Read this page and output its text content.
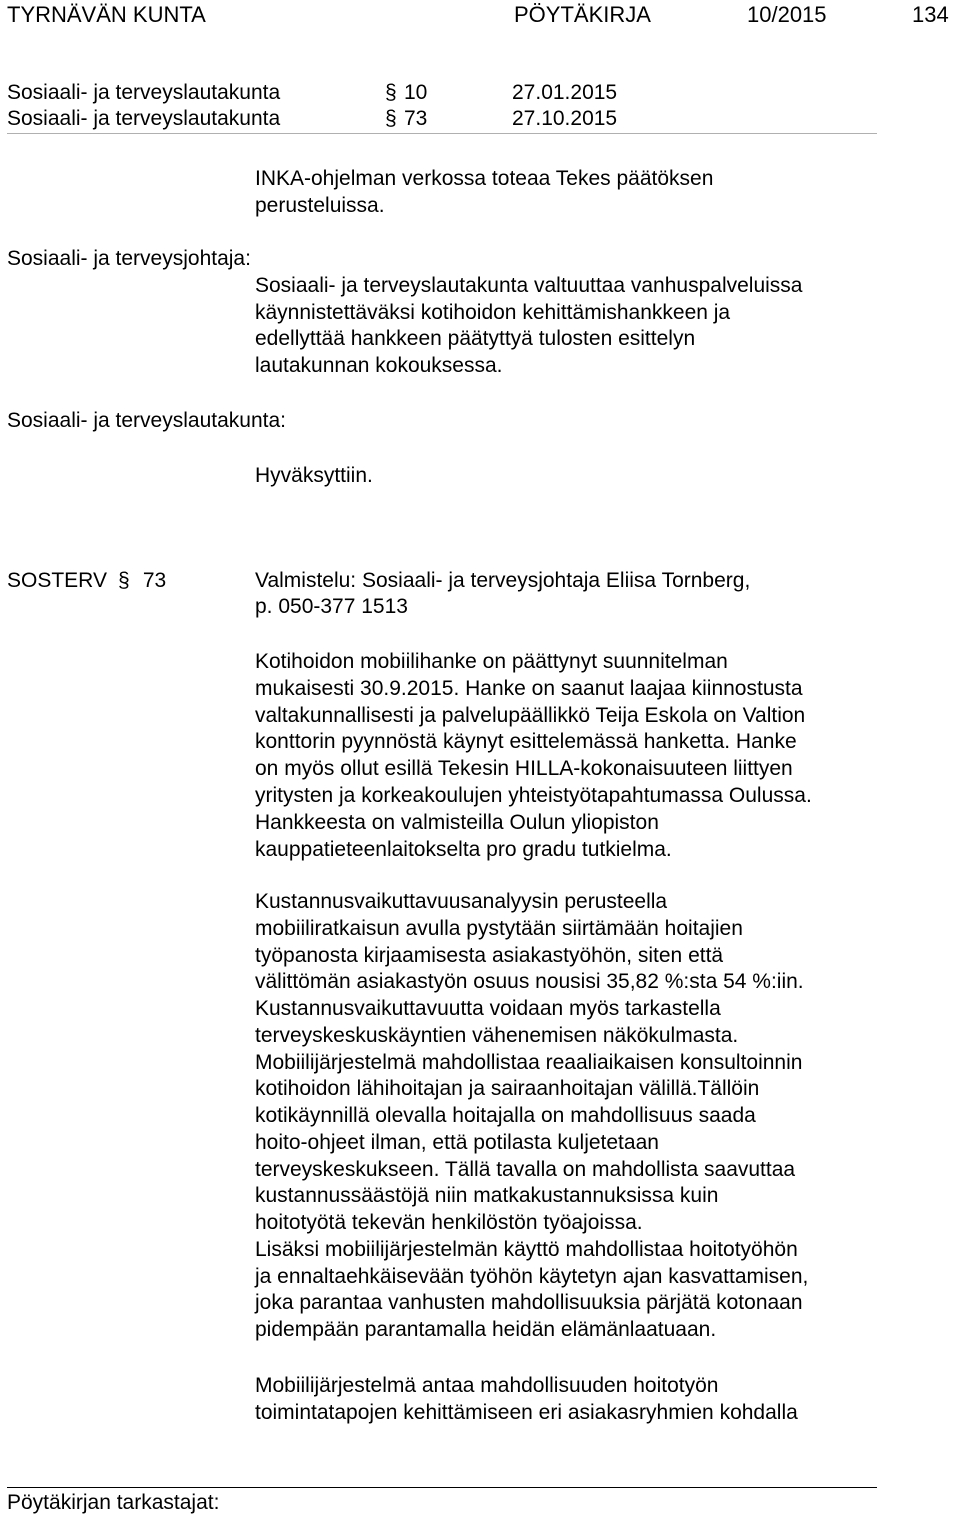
TYRNÄVÄN KUNTA	PÖYTÄKIRJA	10/2015	134
Sosiaali- ja terveyslautakunta	§ 10	27.01.2015
Sosiaali- ja terveyslautakunta	§ 73	27.10.2015
INKA-ohjelman verkossa toteaa Tekes päätöksen
perusteluissa.
Sosiaali- ja terveysjohtaja:
Sosiaali- ja terveyslautakunta valtuuttaa vanhuspalveluissa
käynnistettäväksi kotihoidon kehittämishankkeen ja
edellyttää hankkeen päätyttyä tulosten esittelyn
lautakunnan kokouksessa.
Sosiaali- ja terveyslautakunta:
Hyväksyttiin.
SOSTERV § 73	Valmistelu: Sosiaali- ja terveysjohtaja Eliisa Tornberg,
p. 050-377 1513
Kotihoidon mobiilihanke on päättynyt suunnitelman
mukaisesti 30.9.2015. Hanke on saanut laajaa kiinnostusta
valtakunnallisesti ja palvelupäällikkö Teija Eskola on Valtion
konttorin pyynnöstä käynyt esittelemässä hanketta. Hanke
on myös ollut esillä Tekesin HILLA-kokonaisuuteen liittyen
yritysten ja korkeakoulujen yhteistyötapahtumassa Oulussa.
Hankkeesta on valmisteilla Oulun yliopiston
kauppatieteenlaitokselta pro gradu tutkielma.
Kustannusvaikuttavuusanalyysin perusteella
mobiiliratkaisun avulla pystytään siirtämään hoitajien
työpanosta kirjaamisesta asiakastyöhön, siten että
välittömän asiakastyön osuus nousisi 35,82 %:sta 54 %:iin.
Kustannusvaikuttavuutta voidaan myös tarkastella
terveyskeskuskäyntien vähenemisen näkökulmasta.
Mobiilijärjestelmä mahdollistaa reaaliaikaisen konsultoinnin
kotihoidon lähihoitajan ja sairaanhoitajan välillä.Tällöin
kotikäynnillä olevalla hoitajalla on mahdollisuus saada
hoito-ohjeet ilman, että potilasta kuljetetaan
terveyskeskukseen. Tällä tavalla on mahdollista saavuttaa
kustannussäästöjä niin matkakustannuksissa kuin
hoitotyötä tekevän henkilöstön työajoissa.
Lisäksi mobiilijärjestelmän käyttö mahdollistaa hoitotyöhön
ja ennaltaehkäisevään työhön käytetyn ajan kasvattamisen,
joka parantaa vanhusten mahdollisuuksia pärjätä kotonaan
pidempään parantamalla heidän elämänlaatuaan.
Mobiilijärjestelmä antaa mahdollisuuden hoitotyön
toimintatapojen kehittämiseen eri asiakasryhmien kohdalla
Pöytäkirjan tarkastajat:
